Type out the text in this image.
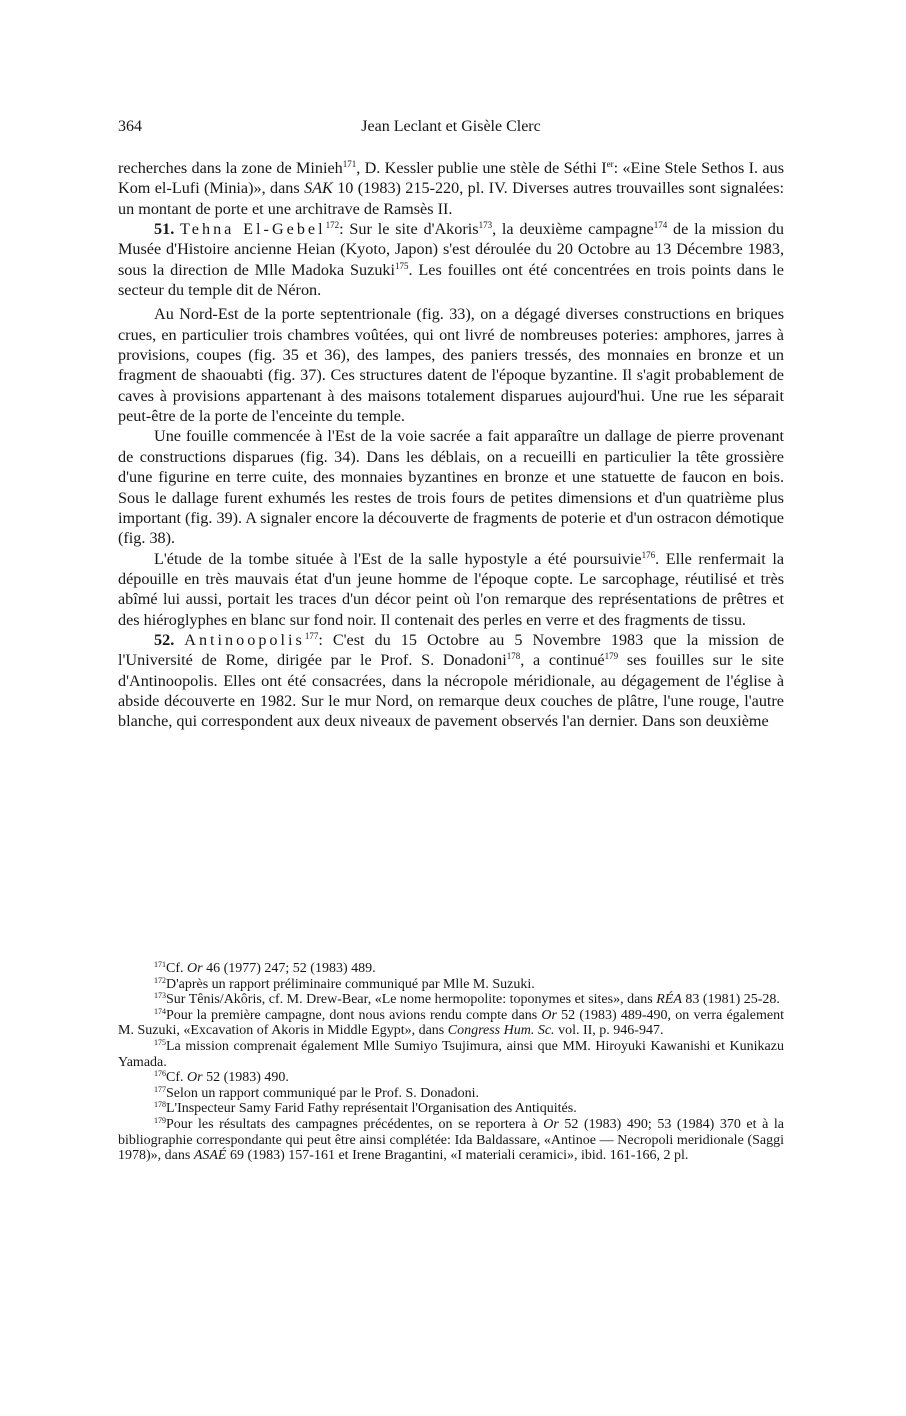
364	Jean Leclant et Gisèle Clerc

recherches dans la zone de Minieh$^{171}$, D. Kessler publie une stèle de Séthi Ier: «Eine Stele Sethos I. aus Kom el-Lufi (Minia)», dans SAK 10 (1983) 215-220, pl. IV. Diverses autres trouvailles sont signalées: un montant de porte et une architrave de Ramsès II.

51. Tehna El-Gebel$^{172}$: Sur le site d'Akoris$^{173}$, la deuxième campagne$^{174}$ de la mission du Musée d'Histoire ancienne Heian (Kyoto, Japon) s'est déroulée du 20 Octobre au 13 Décembre 1983, sous la direction de Mlle Madoka Suzuki$^{175}$. Les fouilles ont été concentrées en trois points dans le secteur du temple dit de Néron.

Au Nord-Est de la porte septentrionale (fig. 33), on a dégagé diverses constructions en briques crues, en particulier trois chambres voûtées, qui ont livré de nombreuses poteries: amphores, jarres à provisions, coupes (fig. 35 et 36), des lampes, des paniers tressés, des monnaies en bronze et un fragment de shaouabti (fig. 37). Ces structures datent de l'époque byzantine. Il s'agit probablement de caves à provisions appartenant à des maisons totalement disparues aujourd'hui. Une rue les séparait peut-être de la porte de l'enceinte du temple.

Une fouille commencée à l'Est de la voie sacrée a fait apparaître un dallage de pierre provenant de constructions disparues (fig. 34). Dans les déblais, on a recueilli en particulier la tête grossière d'une figurine en terre cuite, des monnaies byzantines en bronze et une statuette de faucon en bois. Sous le dallage furent exhumés les restes de trois fours de petites dimensions et d'un quatrième plus important (fig. 39). A signaler encore la découverte de fragments de poterie et d'un ostracon démotique (fig. 38).

L'étude de la tombe située à l'Est de la salle hypostyle a été poursuivie$^{176}$. Elle renfermait la dépouille en très mauvais état d'un jeune homme de l'époque copte. Le sarcophage, réutilisé et très abîmé lui aussi, portait les traces d'un décor peint où l'on remarque des représentations de prêtres et des hiéroglyphes en blanc sur fond noir. Il contenait des perles en verre et des fragments de tissu.

52. Antinoopolis$^{177}$: C'est du 15 Octobre au 5 Novembre 1983 que la mission de l'Université de Rome, dirigée par le Prof. S. Donadoni$^{178}$, a continué$^{179}$ ses fouilles sur le site d'Antinoopolis. Elles ont été consacrées, dans la nécropole méridionale, au dégagement de l'église à abside découverte en 1982. Sur le mur Nord, on remarque deux couches de plâtre, l'une rouge, l'autre blanche, qui correspondent aux deux niveaux de pavement observés l'an dernier. Dans son deuxième

$^{171}$Cf. Or 46 (1977) 247; 52 (1983) 489.

$^{172}$D'après un rapport préliminaire communiqué par Mlle M. Suzuki.

$^{173}$Sur Tênis/Akôris, cf. M. Drew-Bear, «Le nome hermopolite: toponymes et sites», dans RÉA 83 (1981) 25-28.

$^{174}$Pour la première campagne, dont nous avions rendu compte dans Or 52 (1983) 489-490, on verra également M. Suzuki, «Excavation of Akoris in Middle Egypt», dans Congress Hum. Sc. vol. II, p. 946-947.

$^{175}$La mission comprenait également Mlle Sumiyo Tsujimura, ainsi que MM. Hiroyuki Kawanishi et Kunikazu Yamada.

$^{176}$Cf. Or 52 (1983) 490.

$^{177}$Selon un rapport communiqué par le Prof. S. Donadoni.

$^{178}$L'Inspecteur Samy Farid Fathy représentait l'Organisation des Antiquités.

$^{179}$Pour les résultats des campagnes précédentes, on se reportera à Or 52 (1983) 490; 53 (1984) 370 et à la bibliographie correspondante qui peut être ainsi complétée: Ida Baldassare, «Antinoe — Necropoli meridionale (Saggi 1978)», dans ASAÉ 69 (1983) 157-161 et Irene Bragantini, «I materiali ceramici», ibid. 161-166, 2 pl.
